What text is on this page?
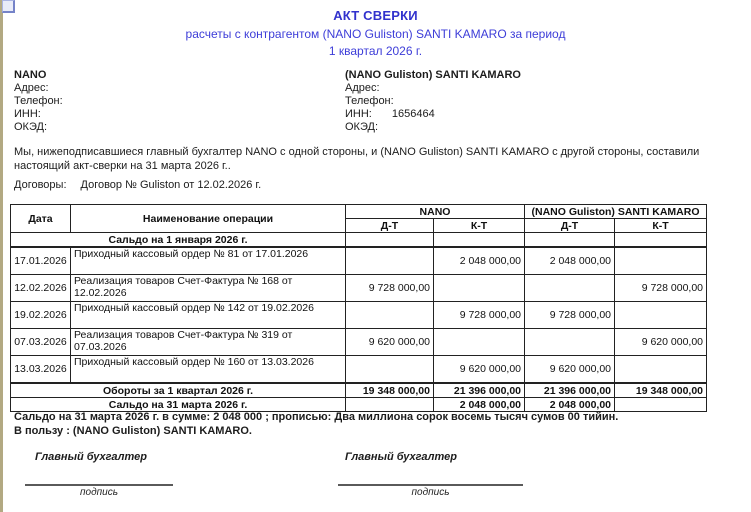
АКТ СВЕРКИ
расчеты с контрагентом (NANO Guliston) SANTI KAMARO за период
1 квартал 2026 г.
NANO
Адрес:
Телефон:
ИНН:
ОКЭД:
(NANO Guliston) SANTI KAMARO
Адрес:
Телефон:
ИНН: 1656464
ОКЭД:
Мы, нижеподписавшиеся главный бухгалтер NANO с одной стороны, и (NANO Guliston) SANTI KAMARO с другой стороны, составили настоящий акт-сверки на 31 марта 2026 г..
Договоры: Договор № Guliston от 12.02.2026 г.
Дата	Наименование операции	NANO		(NANO Guliston) SANTI KAMARO	
		Д-Т	К-Т	Д-Т	К-Т
Сальдо на 1 января 2026 г.					
17.01.2026	Приходный кассовый ордер № 81 от 17.01.2026		2 048 000,00	2 048 000,00	
12.02.2026	Реализация товаров Счет-Фактура № 168 от 12.02.2026	9 728 000,00			9 728 000,00
19.02.2026	Приходный кассовый ордер № 142 от 19.02.2026		9 728 000,00	9 728 000,00	
07.03.2026	Реализация товаров Счет-Фактура № 319 от 07.03.2026	9 620 000,00			9 620 000,00
13.03.2026	Приходный кассовый ордер № 160 от 13.03.2026		9 620 000,00	9 620 000,00	
Обороты за 1 квартал 2026 г.		19 348 000,00	21 396 000,00	21 396 000,00	19 348 000,00
Сальдо на 31 марта 2026 г.			2 048 000,00	2 048 000,00	
Сальдо на 31 марта 2026 г. в сумме: 2 048 000 ; прописью: Два миллиона сорок восемь тысяч сумов 00 тийин.
В пользу : (NANO Guliston) SANTI KAMARO.
Главный бухгалтер	Главный бухгалтер
подпись	подпись
